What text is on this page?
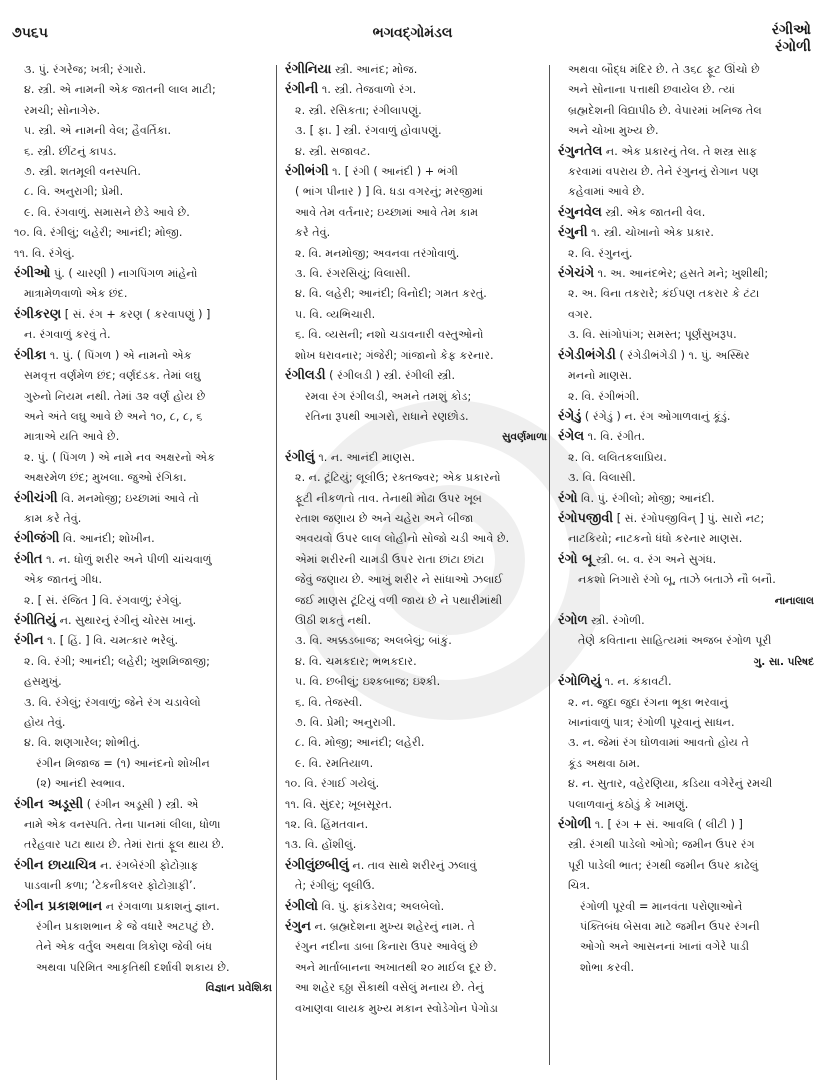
૭૫૬૫	ભગવદ્ગોમંડલ	રંગીઓ
રંગોળી
૩. પું. રંગરેજ; ખત્રી; રંગારો.
૪. સ્ત્રી. એ નામની એક જાતની લાલ માટી;
રમચી; સોનાગેરુ.
૫. સ્ત્રી. એ નામની વેલ; હૈવર્તિકા.
૬. સ્ત્રી. છીંટનું કાપડ.
૭. સ્ત્રી. શતમૂલી વનસ્પતિ.
૮. વિ. અનુરાગી; પ્રેમી.
૯. વિ. રંગવાળું. સમાસને છેડે આવે છે.
૧૦. વિ. રંગીલું; લહેરી; આનંદી; મોજી.
૧૧. વિ. રંગેલું.
રંગીઓ પું. ( ચારણી ) નાગપિંગળ માંહેનો
માત્રામેળવાળો એક છંદ.
રંગીકરણ [ સં. રંગ + કરણ ( કરવાપણું ) ]
ન. રંગવાળું કરવું તે.
રંગીકા ૧. પું. ( પિંગળ ) એ નામનો એક
સમવૃત્ત વર્ણમેળ છંદ; વર્ણદંડક. તેમાં લઘુ
ગુરુનો નિયમ નથી. તેમાં ૩૨ વર્ણ હોય છે
અને અંતે લઘુ આવે છે અને ૧૦, ૮, ૮, ૬
માત્રાએ યતિ આવે છે.
૨. પું. ( પિંગળ ) એ નામે નવ અક્ષરનો એક
અક્ષરમેળ છંદ; મુખલા. જુઓ રંગિકા.
રંગીચંગી વિ. મનમોજી; ઇચ્છામાં આવે તો
કામ કરે તેવું.
રંગીજંગી વિ. આનંદી; શોખીન.
રંગીત ૧. ન. ધોળું શરીર અને પીળી ચાંચવાળું
એક જાતનું ગીધ.
૨. [ સં. રંજિત ] વિ. રંગવાળું; રંગેલું.
રંગીતિયું ન. સુથારનું રંગીનું ચોરસ ખાનું.
રંગીન ૧. [ હિં. ] વિ. ચમત્કાર ભરેલું.
૨. વિ. રંગી; આનંદી; લહેરી; ખુશમિજાજી;
હસમુખું.
૩. વિ. રંગેલું; રંગવાળું; જેને રંગ ચડાવેલો
હોય તેવું.
૪. વિ. શણગારેલ; શોભીતું.
રંગીન મિજાજ = (૧) આનંદનો શોખીન
(૨) આનંદી સ્વભાવ.
રંગીન અડૂસી ( રંગીન અડૂસી ) સ્ત્રી. એ
નામે એક વનસ્પતિ. તેના પાનમાં લીલા, ધોળા
તરેહવાર પટા થાય છે. તેમાં રાતાં ફૂલ થાય છે.
રંગીન છાયાચિત્ર ન. રંગબેરંગી ફોટોગ્રાફ
પાડવાની કળા; ‘ટેકનીકલર ફોટોગ્રાફી’.
રંગીન પ્રકાશભાન ન રંગવાળા પ્રકાશનું જ્ઞાન.
રંગીન પ્રકાશભાન કે જે વધારે અટપટું છે.
તેને એક વર્તુલ અથવા ત્રિકોણ જેવી બંધ
અથવા પરિમિત આકૃતિથી દર્શાવી શકાય છે.
વિજ્ઞાન પ્રવેશિકા
રંગીનિયા સ્ત્રી. આનંદ; મોજ.
રંગીની ૧. સ્ત્રી. તેજવાળો રંગ.
૨. સ્ત્રી. રસિકતા; રંગીલાપણું.
૩. [ ફા. ] સ્ત્રી. રંગવાળું હોવાપણું.
૪. સ્ત્રી. સજાવટ.
રંગીભંગી ૧. [ રંગી ( આનંદી ) + ભંગી
( ભાંગ પીનાર ) ] વિ. ધડા વગરનું; મરજીમાં
આવે તેમ વર્તનાર; ઇચ્છામાં આવે તેમ કામ
કરે તેવું.
૨. વિ. મનમોજી; અવનવા તરંગોવાળું.
૩. વિ. રંગરસિયું; વિલાસી.
૪. વિ. લહેરી; આનંદી; વિનોદી; ગમત કરતું.
૫. વિ. વ્યભિચારી.
૬. વિ. વ્યસની; નશો ચડાવનારી વસ્તુઓનો
શોખ ધરાવનાર; ગંજેરી; ગાંજાનો કેફ કરનાર.
રંગીલડી ( રંગીલડી ) સ્ત્રી. રંગીલી સ્ત્રી.
રમવા રંગ રંગીલડી, અમને તમશું કોડ;
રતિના રૂપથી આગરો, રાધાને રણછોડ.
સુવર્ણમાળા
રંગીલું ૧. ન. આનંદી માણસ.
૨. ન. ટૂંટિયું; લૂલીઉ; રક્તજ્વર; એક પ્રકારનો
ફૂટી નીકળતો તાવ. તેનાથી મોઢા ઉપર ખૂબ
રતાશ જણાય છે અને ચહેરા અને બીજા
અવયવો ઉપર લાલ લોહીનો સોજો ચડી આવે છે.
એમાં શરીરની ચામડી ઉપર રાતા છાંટા છાંટા
જેવું જણાય છે. આખું શરીર ને સાંધાઓ ઝલાઈ
જઈ માણસ ટૂંટિયું વળી જાય છે ને પથારીમાંથી
ઊઠી શકતું નથી.
૩. વિ. અક્કડબાજ; અલબેલું; બાંકું.
૪. વિ. ચમકદાર; ભભકદાર.
૫. વિ. છબીલું; ઇશ્કબાજ; ઇશ્કી.
૬. વિ. તેજસ્વી.
૭. વિ. પ્રેમી; અનુરાગી.
૮. વિ. મોજી; આનંદી; લહેરી.
૯. વિ. રમતિયાળ.
૧૦. વિ. રંગાઈ ગયેલું.
૧૧. વિ. સુંદર; ખૂબસૂરત.
૧૨. વિ. હિંમતવાન.
૧૩. વિ. હોંશીલું.
રંગીલુંછબીલું ન. તાવ સાથે શરીરનું ઝલાવું
તે; રંગીલું; લૂલીઉ.
રંગીલો વિ. પું. ફાંકડેરાવ; અલબેલો.
રંગુન ન. બ્રહ્મદેશના મુખ્ય શહેરનું નામ. તે
રંગુન નદીના ડાબા કિનારા ઉપર આવેલું છે
અને માર્તાબાનના અખાતથી ૨૦ માઈલ દૂર છે.
આ શહેર ૬ઠ્ઠા સૈકાથી વસેલું મનાય છે. તેનું
વખાણવા લાયક મુખ્ય મકાન સ્વોડેગોન પેગોડા
અથવા બૌદ્ધ મંદિર છે. તે ૩૬૮ ફૂટ ઊંચો છે
અને સોનાના પત્તાથી છવાયેલ છે. ત્યાં
બ્રહ્મદેશની વિદ્યાપીઠ છે. વેપારમાં ખનિજ તેલ
અને ચોખા મુખ્ય છે.
રંગુનતેલ ન. એક પ્રકારનું તેલ. તે શસ્ત્ર સાફ
કરવામાં વપરાય છે. તેને રંગુનનું રોગાન પણ
કહેવામાં આવે છે.
રંગુનવેલ સ્ત્રી. એક જાતની વેલ.
રંગુની ૧. સ્ત્રી. ચોખાનો એક પ્રકાર.
૨. વિ. રંગુનનું.
રંગેચંગે ૧. અ. આનંદભેર; હસતે મને; ખુશીથી;
૨. અ. વિના તકરારે; કંઈપણ તકરાર કે ટંટા
વગર.
૩. વિ. સાંગોપાંગ; સમસ્ત; પૂર્ણસુખરૂપ.
રંગેડીભંગેડી ( રંગેડીભંગેડી ) ૧. પું. અસ્થિર
મનનો માણસ.
૨. વિ. રંગીભંગી.
રંગેડું ( રંગેડું ) ન. રંગ ઓગાળવાનું કૂંડું.
રંગેલ ૧. વિ. રંગીત.
૨. વિ. લલિતકલાપ્રિય.
૩. વિ. વિલાસી.
રંગો વિ. પું. રંગીલો; મોજી; આનંદી.
રંગોપજીવી [ સં. રંગોપજીવિન્ ] પું. સારો નટ;
નાટકિયો; નાટકનો ધંધો કરનાર માણસ.
રંગો બૂ સ્ત્રી. બ. વ. રંગ અને સુગંધ.
નકશો નિગારો રંગો બૂ, તાઝે બતાઝે નૌ બનૌ.
નાનાલાલ
રંગોળ સ્ત્રી. રંગોળી.
તેણે કવિતાના સાહિત્યમાં અજબ રંગોળ પૂરી
ગુ. સા. પરિષદ
રંગોળિયું ૧. ન. કંકાવટી.
૨. ન. જુદા જુદા રંગના ભૂકા ભરવાનું
ખાનાંવાળું પાત્ર; રંગોળી પૂરવાનું સાધન.
૩. ન. જેમાં રંગ ઘોળવામાં આવતો હોય તે
કૂંડ અથવા ઠામ.
૪. ન. સુતાર, વહેરણિયા, કડિયા વગેરેનું રમચી
પલાળવાનું કઠોડું કે ખામણું.
રંગોળી ૧. [ રંગ + સં. આવલિ ( લીટી ) ]
સ્ત્રી. રંગથી પાડેલો ઓગો; જમીન ઉપર રંગ
પૂરી પાડેલી ભાત; રંગથી જમીન ઉપર કાઢેલું
ચિત્ર.
રંગોળી પૂરવી = માનવંતા પરોણાઓને
પંક્તિબંધ બેસવા માટે જમીન ઉપર રંગની
ઓગો અને આસનનાં ખાનાં વગેરે પાડી
શોભા કરવી.
